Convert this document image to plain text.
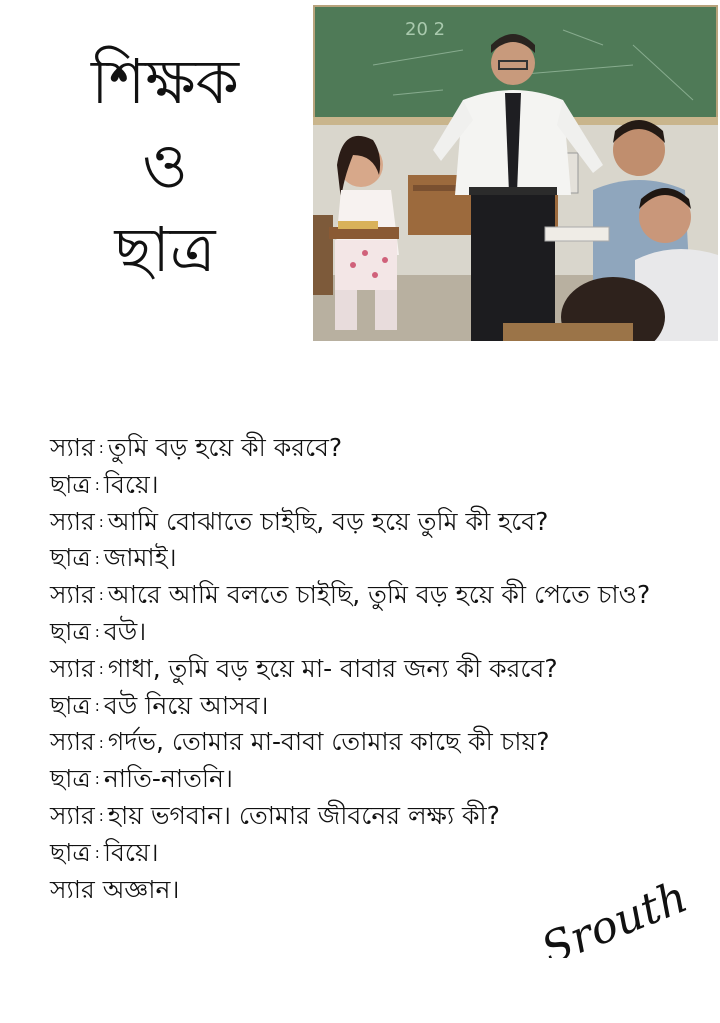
শিক্ষক
ও
ছাত্র
20 2
স্যার : তুমি বড় হয়ে কী করবে?
ছাত্র : বিয়ে।
স্যার : আমি বোঝাতে চাইছি, বড় হয়ে তুমি কী হবে?
ছাত্র : জামাই।
স্যার : আরে আমি বলতে চাইছি, তুমি বড় হয়ে কী পেতে চাও?
ছাত্র : বউ।
স্যার : গাধা, তুমি বড় হয়ে মা- বাবার জন্য কী করবে?
ছাত্র : বউ নিয়ে আসব।
স্যার : গর্দভ, তোমার মা-বাবা তোমার কাছে কী চায়?
ছাত্র : নাতি-নাতনি।
স্যার : হায় ভগবান। তোমার জীবনের লক্ষ্য কী?
ছাত্র : বিয়ে।
স্যার অজ্ঞান।	Srouth
